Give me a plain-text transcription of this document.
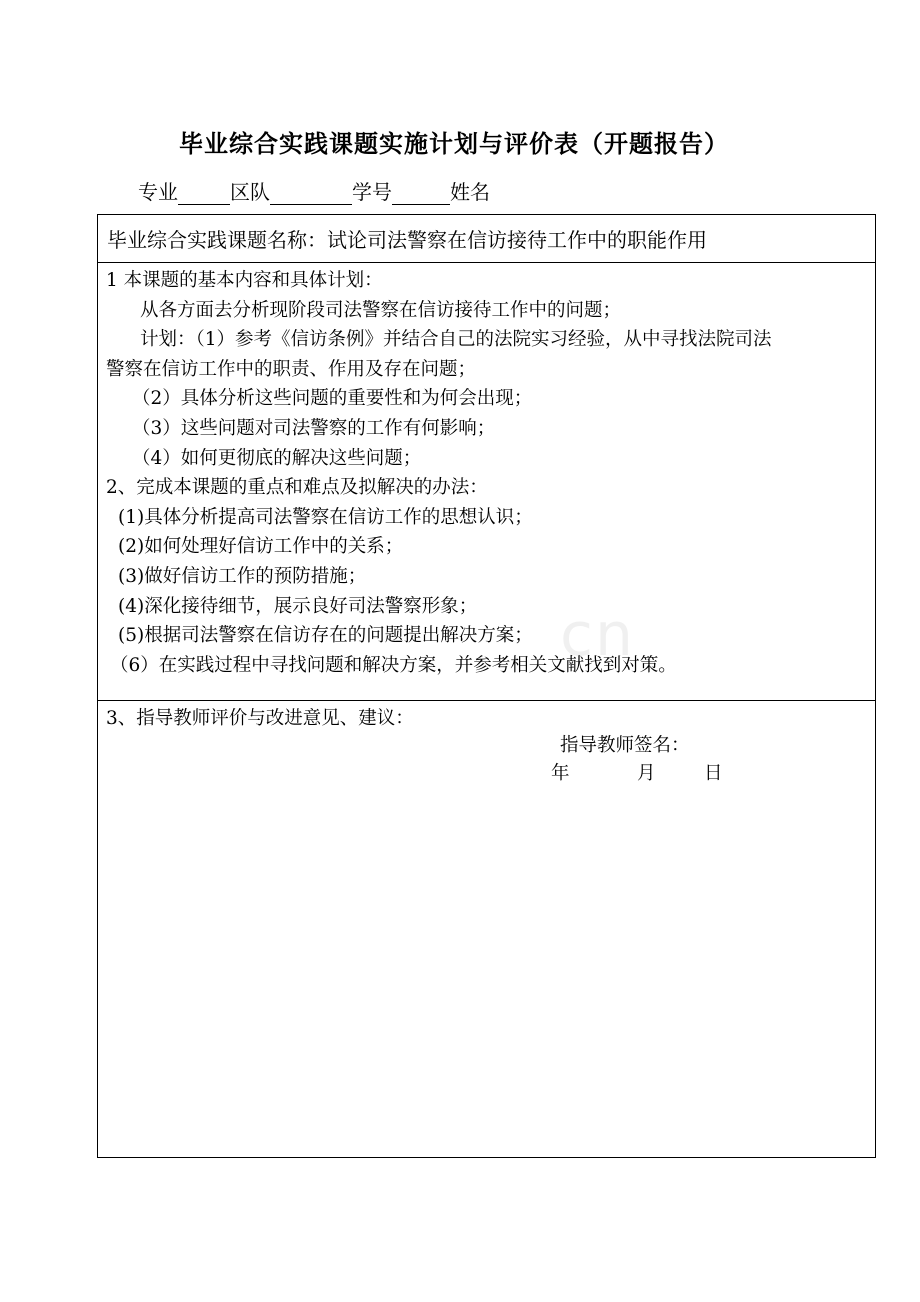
毕业综合实践课题实施计划与评价表（开题报告）
专业	区队	学号	姓名
毕业综合实践课题名称：试论司法警察在信访接待工作中的职能作用
1 本课题的基本内容和具体计划：
从各方面去分析现阶段司法警察在信访接待工作中的问题；
计划：（1）参考《信访条例》并结合自己的法院实习经验，从中寻找法院司法
警察在信访工作中的职责、作用及存在问题；
（2）具体分析这些问题的重要性和为何会出现；
（3）这些问题对司法警察的工作有何影响；
（4）如何更彻底的解决这些问题；
2、完成本课题的重点和难点及拟解决的办法：
(1)具体分析提高司法警察在信访工作的思想认识；
(2)如何处理好信访工作中的关系；
(3)做好信访工作的预防措施；
(4)深化接待细节，展示良好司法警察形象；
(5)根据司法警察在信访存在的问题提出解决方案；
（6）在实践过程中寻找问题和解决方案，并参考相关文献找到对策。
3、指导教师评价与改进意见、建议：
指导教师签名：
年	月	日
cn
